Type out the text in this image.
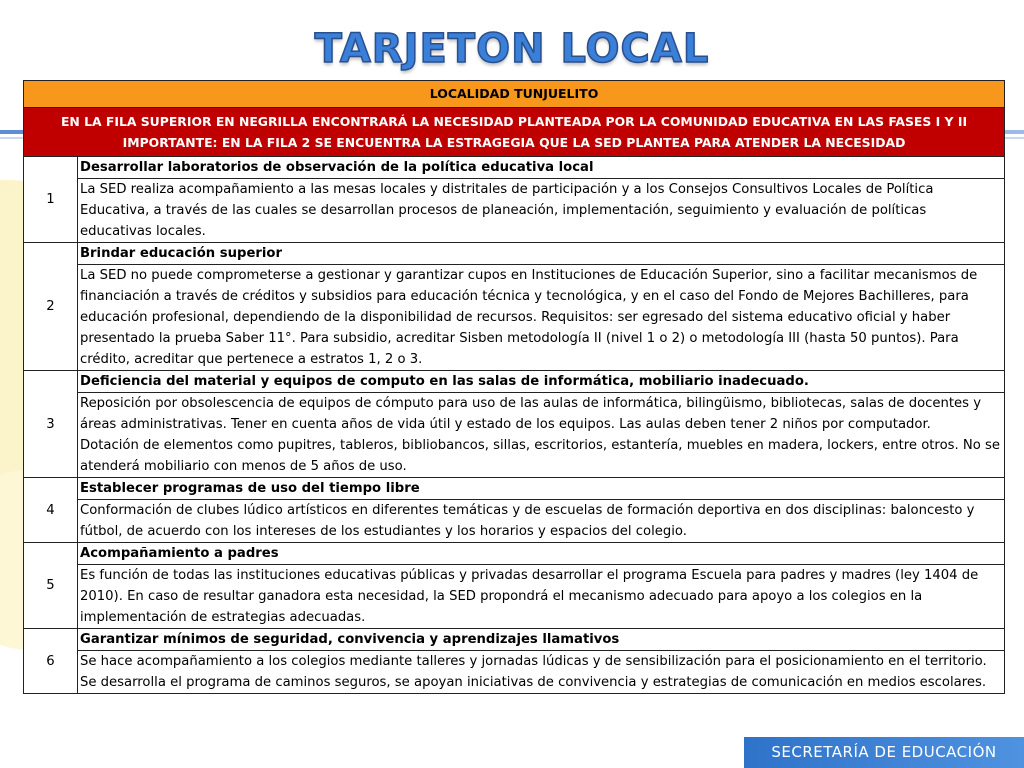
TARJETON LOCAL
LOCALIDAD TUNJUELITO	

EN LA FILA SUPERIOR EN NEGRILLA ENCONTRARÁ LA NECESIDAD PLANTEADA POR LA COMUNIDAD EDUCATIVA EN LAS FASES I Y II
IMPORTANTE: EN LA FILA 2 SE ENCUENTRA LA ESTRAGEGIA QUE LA SED PLANTEA PARA ATENDER LA NECESIDAD	

1	Desarrollar laboratorios de observación de la política educativa local
	La SED realiza acompañamiento a las mesas locales y distritales de participación y a los Consejos Consultivos Locales de Política Educativa, a través de las cuales se desarrollan procesos de planeación, implementación, seguimiento y evaluación de políticas educativas locales.
2	Brindar educación superior
	La SED no puede comprometerse a gestionar y garantizar cupos en Instituciones de Educación Superior, sino a facilitar mecanismos de financiación a través de créditos y subsidios para educación técnica y tecnológica, y en el caso del Fondo de Mejores Bachilleres, para educación profesional, dependiendo de la disponibilidad de recursos. Requisitos: ser egresado del sistema educativo oficial y haber presentado la prueba Saber 11°. Para subsidio, acreditar Sisben metodología II (nivel 1 o 2) o metodología III (hasta 50 puntos). Para crédito, acreditar que pertenece a estratos 1, 2 o 3.
3	Deficiencia del material y equipos de computo en las salas de informática, mobiliario inadecuado.
	Reposición por obsolescencia de equipos de cómputo para uso de las aulas de informática, bilingüismo, bibliotecas, salas de docentes y áreas administrativas. Tener en cuenta años de vida útil y estado de los equipos. Las aulas deben tener 2 niños por computador.
Dotación de elementos como pupitres, tableros, bibliobancos, sillas, escritorios, estantería, muebles en madera, lockers, entre otros. No se atenderá mobiliario con menos de 5 años de uso.
4	Establecer programas de uso del tiempo libre
	Conformación de clubes lúdico artísticos en diferentes temáticas y de escuelas de formación deportiva en dos disciplinas: baloncesto y fútbol, de acuerdo con los intereses de los estudiantes y los horarios y espacios del colegio.
5	Acompañamiento a padres
	Es función de todas las instituciones educativas públicas y privadas desarrollar el programa Escuela para padres y madres (ley 1404 de 2010). En caso de resultar ganadora esta necesidad, la SED propondrá el mecanismo adecuado para apoyo a los colegios en la implementación de estrategias adecuadas.
6	Garantizar mínimos de seguridad, convivencia y aprendizajes llamativos
	Se hace acompañamiento a los colegios mediante talleres y jornadas lúdicas y de sensibilización para el posicionamiento en el territorio. Se desarrolla el programa de caminos seguros, se apoyan iniciativas de convivencia y estrategias de comunicación en medios escolares.
SECRETARÍA DE EDUCACIÓN
